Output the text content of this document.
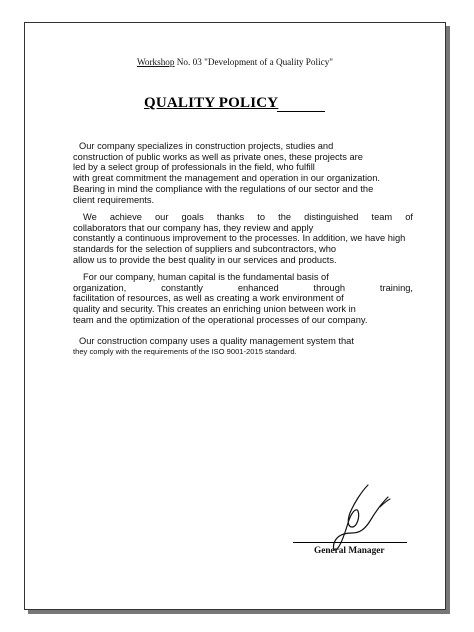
Workshop No. 03 "Development of a Quality Policy"
QUALITY POLICY
Our company specializes in construction projects, studies and
construction of public works as well as private ones, these projects are
led by a select group of professionals in the field, who fulfill
with great commitment the management and operation in our organization.
Bearing in mind the compliance with the regulations of our sector and the
client requirements.
We achieve our goals thanks to the distinguished team of
collaborators that our company has, they review and apply
constantly a continuous improvement to the processes. In addition, we have high
standards for the selection of suppliers and subcontractors, who
allow us to provide the best quality in our services and products.
For our company, human capital is the fundamental basis of
organization, constantly enhanced through training,
facilitation of resources, as well as creating a work environment of
quality and security. This creates an enriching union between work in
team and the optimization of the operational processes of our company.
Our construction company uses a quality management system that
they comply with the requirements of the ISO 9001-2015 standard.
General Manager
